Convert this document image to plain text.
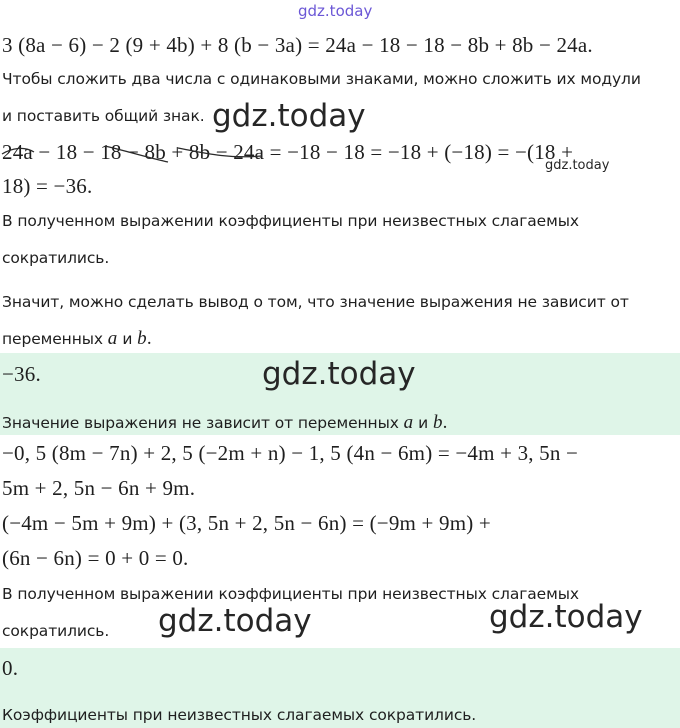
gdz.today
gdz.today
gdz.today
gdz.today
gdz.today	gdz.today
3 (8a − 6) − 2 (9 + 4b) + 8 (b − 3a) = 24a − 18 − 18 − 8b + 8b − 24a.
Чтобы сложить два числа с одинаковыми знаками, можно сложить их модули
и поставить общий знак.
24a − 18 − 18 − 8b + 8b − 24a = −18 − 18 = −18 + (−18) = −(18 +
18) = −36.
В полученном выражении коэффициенты при неизвестных слагаемых
сократились.
Значит, можно сделать вывод о том, что значение выражения не зависит от
переменных a и b.
−36.
Значение выражения не зависит от переменных a и b.
−0, 5 (8m − 7n) + 2, 5 (−2m + n) − 1, 5 (4n − 6m) = −4m + 3, 5n −
5m + 2, 5n − 6n + 9m.
(−4m − 5m + 9m) + (3, 5n + 2, 5n − 6n) = (−9m + 9m) +
(6n − 6n) = 0 + 0 = 0.
В полученном выражении коэффициенты при неизвестных слагаемых
сократились.
0.
Коэффициенты при неизвестных слагаемых сократились.
